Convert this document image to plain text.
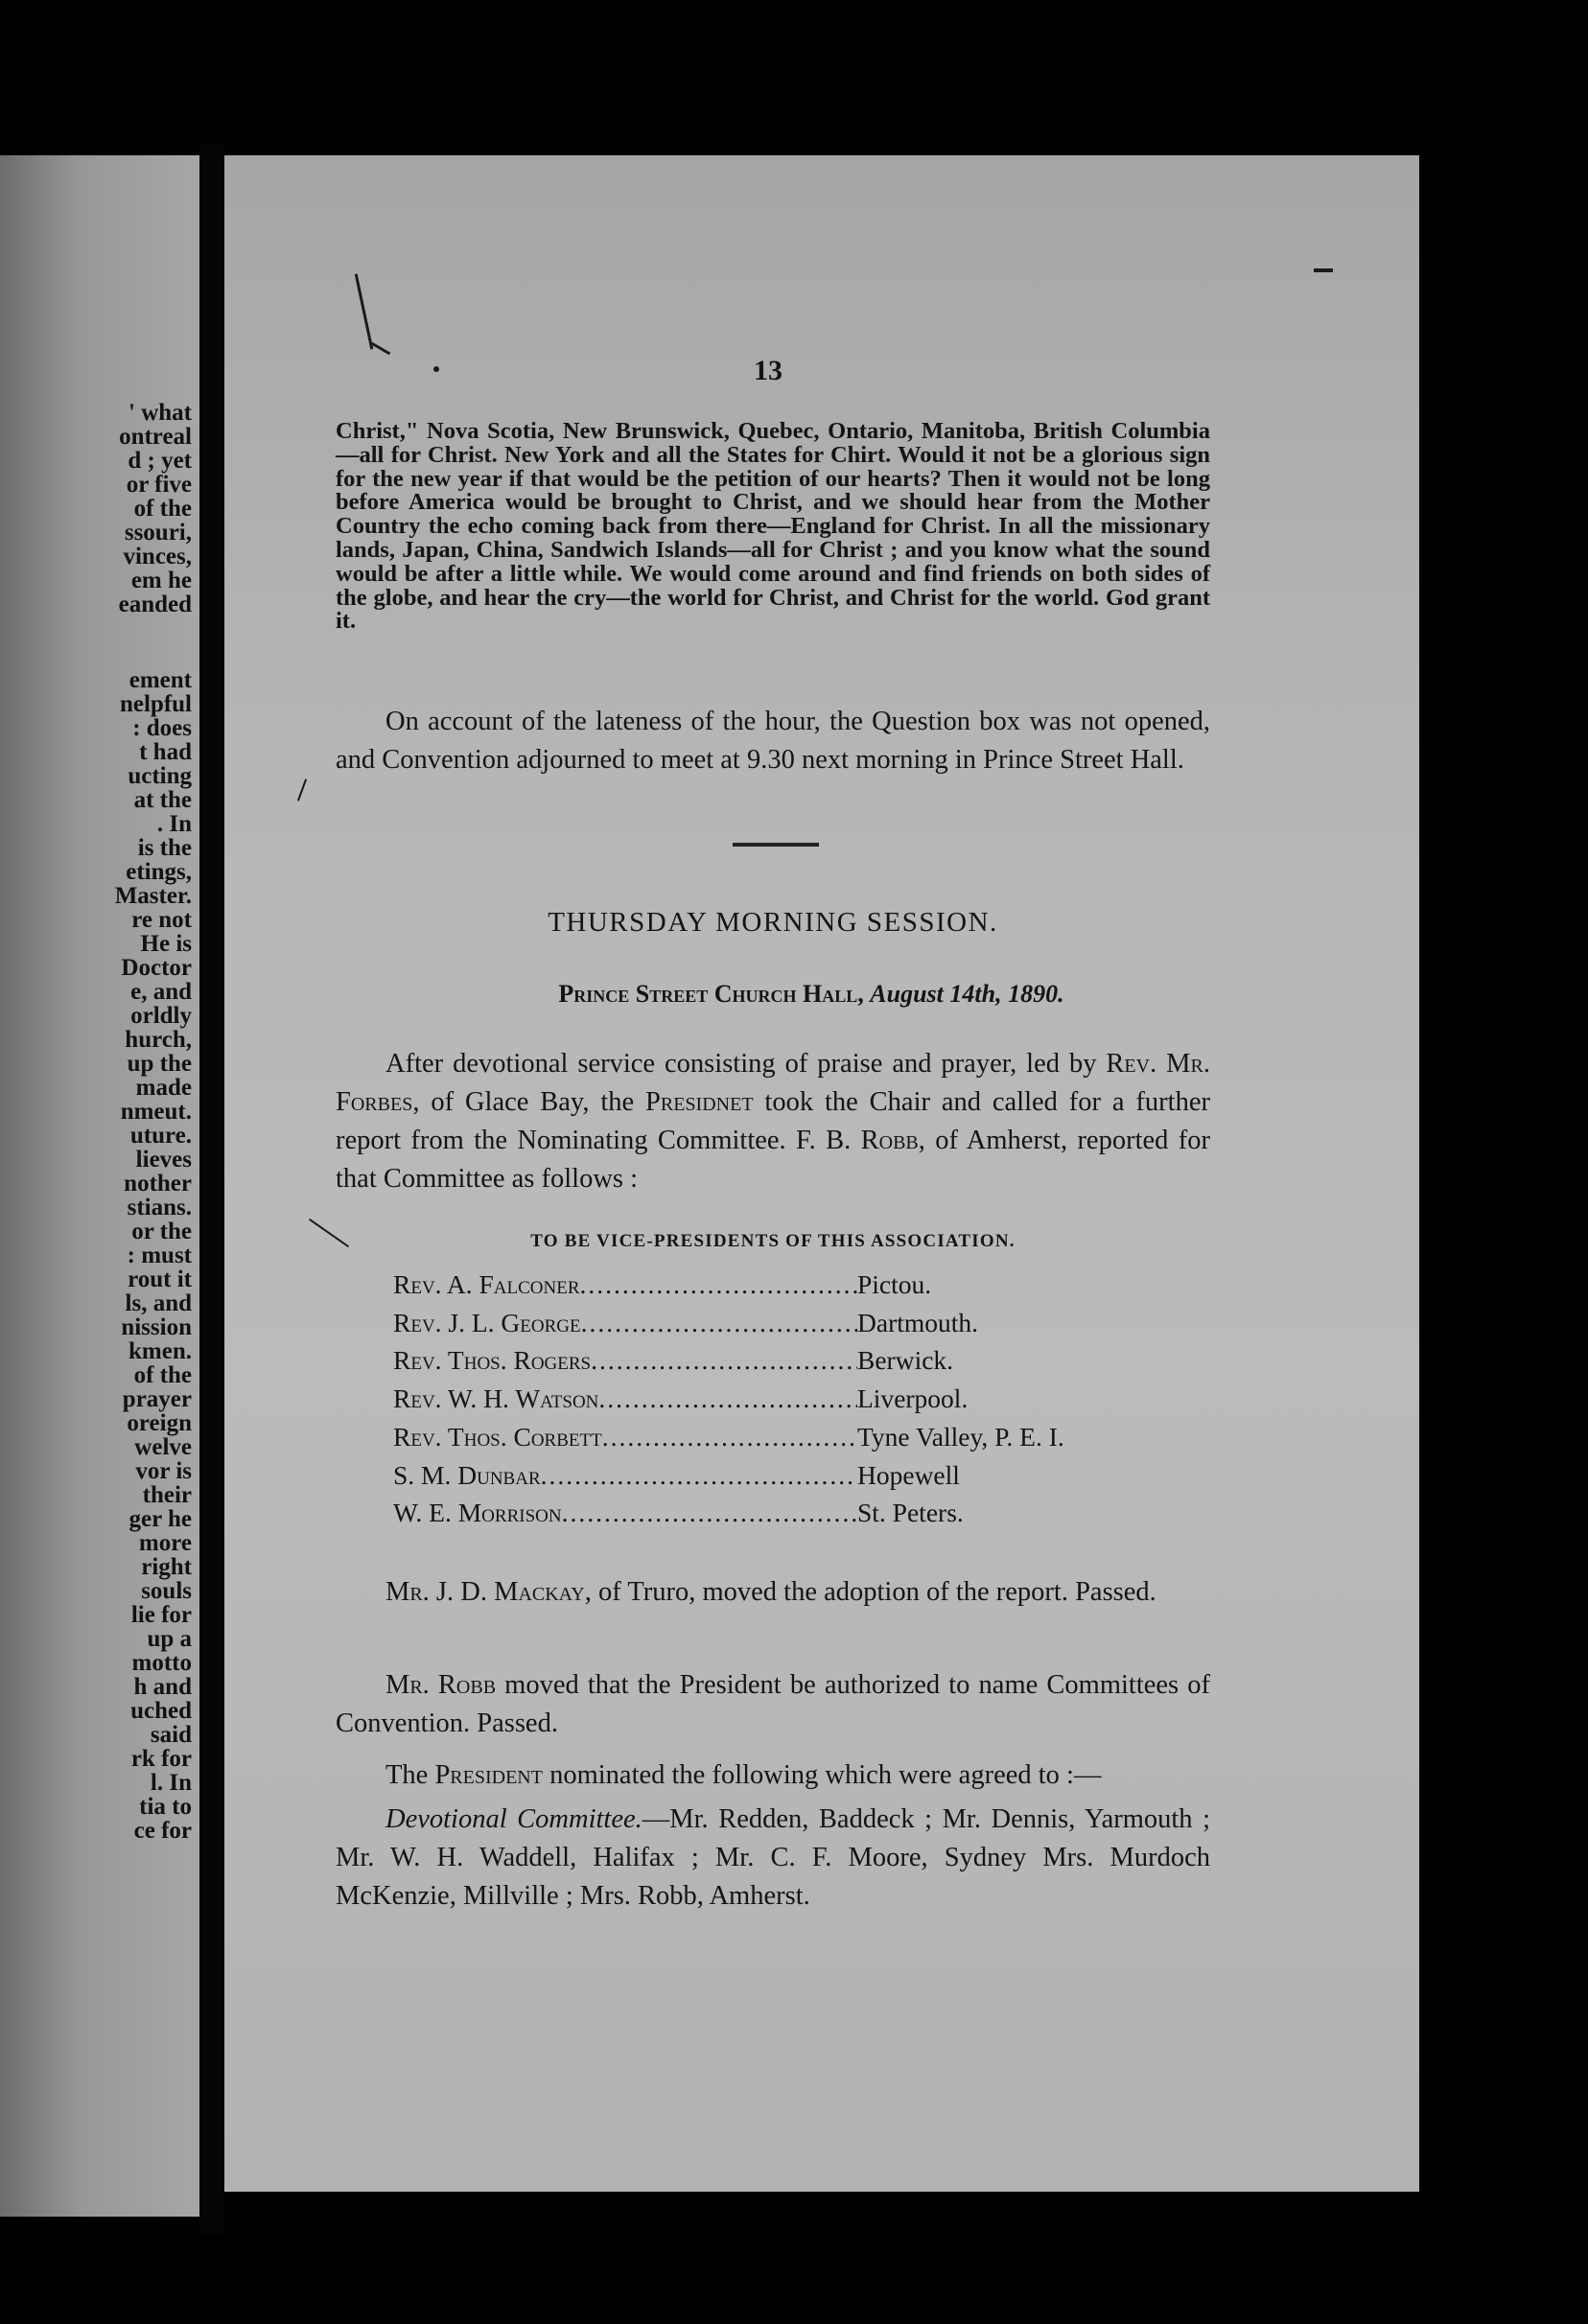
' what
ontreal
d ; yet
or five
of the
ssouri,
vinces,
em he
eanded
ement
nelpful
: does
t had
ucting
at the
. In
is the
etings,
Master.
re not
He is
Doctor
e, and
orldly
hurch,
up the
made
nmeut.
uture.
lieves
nother
stians.
or the
: must
rout it
ls, and
nission
kmen.
of the
prayer
oreign
welve
vor is
their
ger he
more
right
souls
lie for
up a
motto
h and
uched
said
rk for
l. In
tia to
ce for
13
Christ," Nova Scotia, New Brunswick, Quebec, Ontario, Manitoba, British Columbia—all for Christ. New York and all the States for Chirt. Would it not be a glorious sign for the new year if that would be the petition of our hearts? Then it would not be long before America would be brought to Christ, and we should hear from the Mother Country the echo coming back from there—England for Christ. In all the missionary lands, Japan, China, Sandwich Islands—all for Christ ; and you know what the sound would be after a little while. We would come around and find friends on both sides of the globe, and hear the cry—the world for Christ, and Christ for the world. God grant it.

On account of the lateness of the hour, the Question box was not opened, and Convention adjourned to meet at 9.30 next morning in Prince Street Hall.

THURSDAY MORNING SESSION.
Prince Street Church Hall, August 14th, 1890.

After devotional service consisting of praise and prayer, led by Rev. Mr. Forbes, of Glace Bay, the Presidnet took the Chair and called for a further report from the Nominating Committee. F. B. Robb, of Amherst, reported for that Committee as follows :

TO BE VICE-PRESIDENTS OF THIS ASSOCIATION.
Rev. A. Falconer .....	Pictou.
Rev. J. L. George .....	Dartmouth.
Rev. Thos. Rogers .....	Berwick.
Rev. W. H. Watson .....	Liverpool.
Rev. Thos. Corbett .....	Tyne Valley, P. E. I.
S. M. Dunbar .....	Hopewell
W. E. Morrison .....	St. Peters.

Mr. J. D. Mackay, of Truro, moved the adoption of the report. Passed.

Mr. Robb moved that the President be authorized to name Committees of Convention. Passed.

The President nominated the following which were agreed to :—

Devotional Committee.—Mr. Redden, Baddeck ; Mr. Dennis, Yarmouth ; Mr. W. H. Waddell, Halifax ; Mr. C. F. Moore, Sydney Mrs. Murdoch McKenzie, Millville ; Mrs. Robb, Amherst.
